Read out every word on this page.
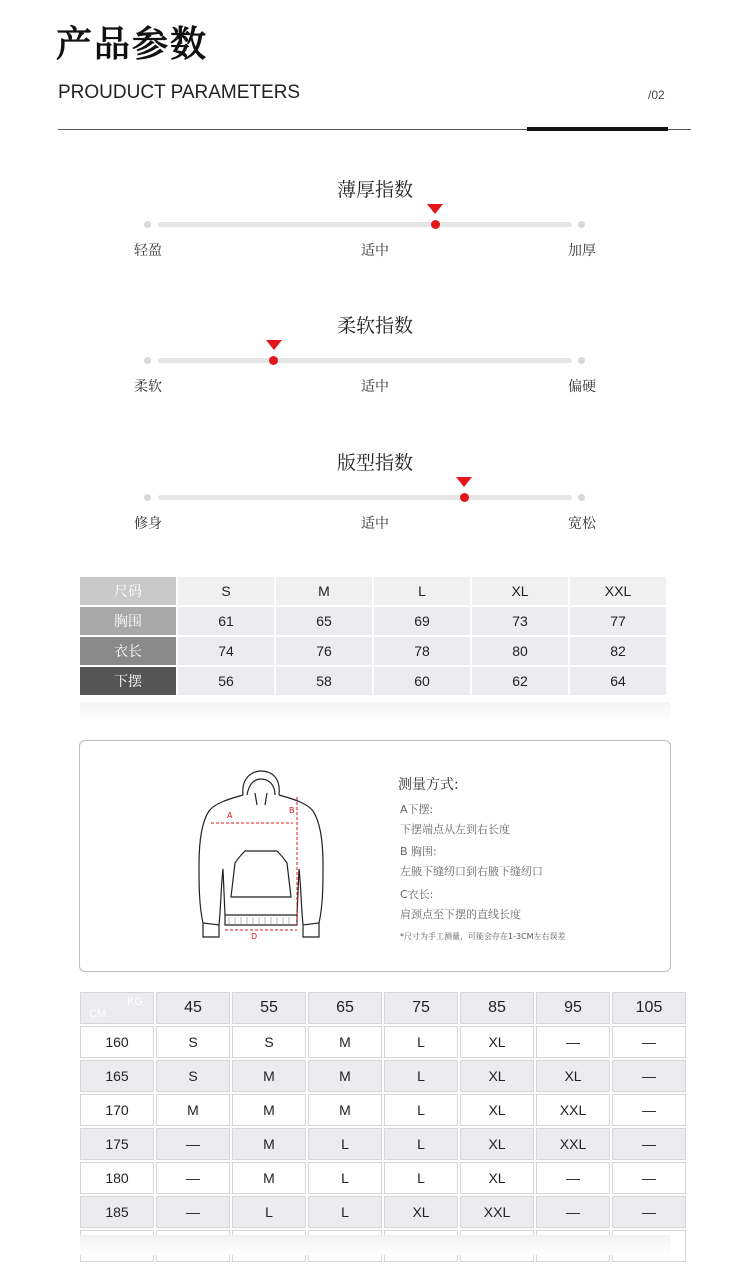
产品参数
PROUDUCT PARAMETERS	/02
薄厚指数
轻盈	适中	加厚
柔软指数
柔软	适中	偏硬
版型指数
修身	适中	宽松
尺码	S	M	L	XL	XXL
胸围	61	65	69	73	77
衣长	74	76	78	80	82
下摆	56	58	60	62	64
A
B
D
测量方式:
A下摆:
下摆端点从左到右长度
B 胸围:
左腋下缝纫口到右腋下缝纫口
C衣长:
肩颈点至下摆的直线长度
*尺寸为手工测量，可能会存在1-3CM左右误差
KG
CM	45	55	65	75	85	95	105
160	S	S	M	L	XL	—	—
165	S	M	M	L	XL	XL	—
170	M	M	M	L	XL	XXL	—
175	—	M	L	L	XL	XXL	—
180	—	M	L	L	XL	—	—
185	—	L	L	XL	XXL	—	—
